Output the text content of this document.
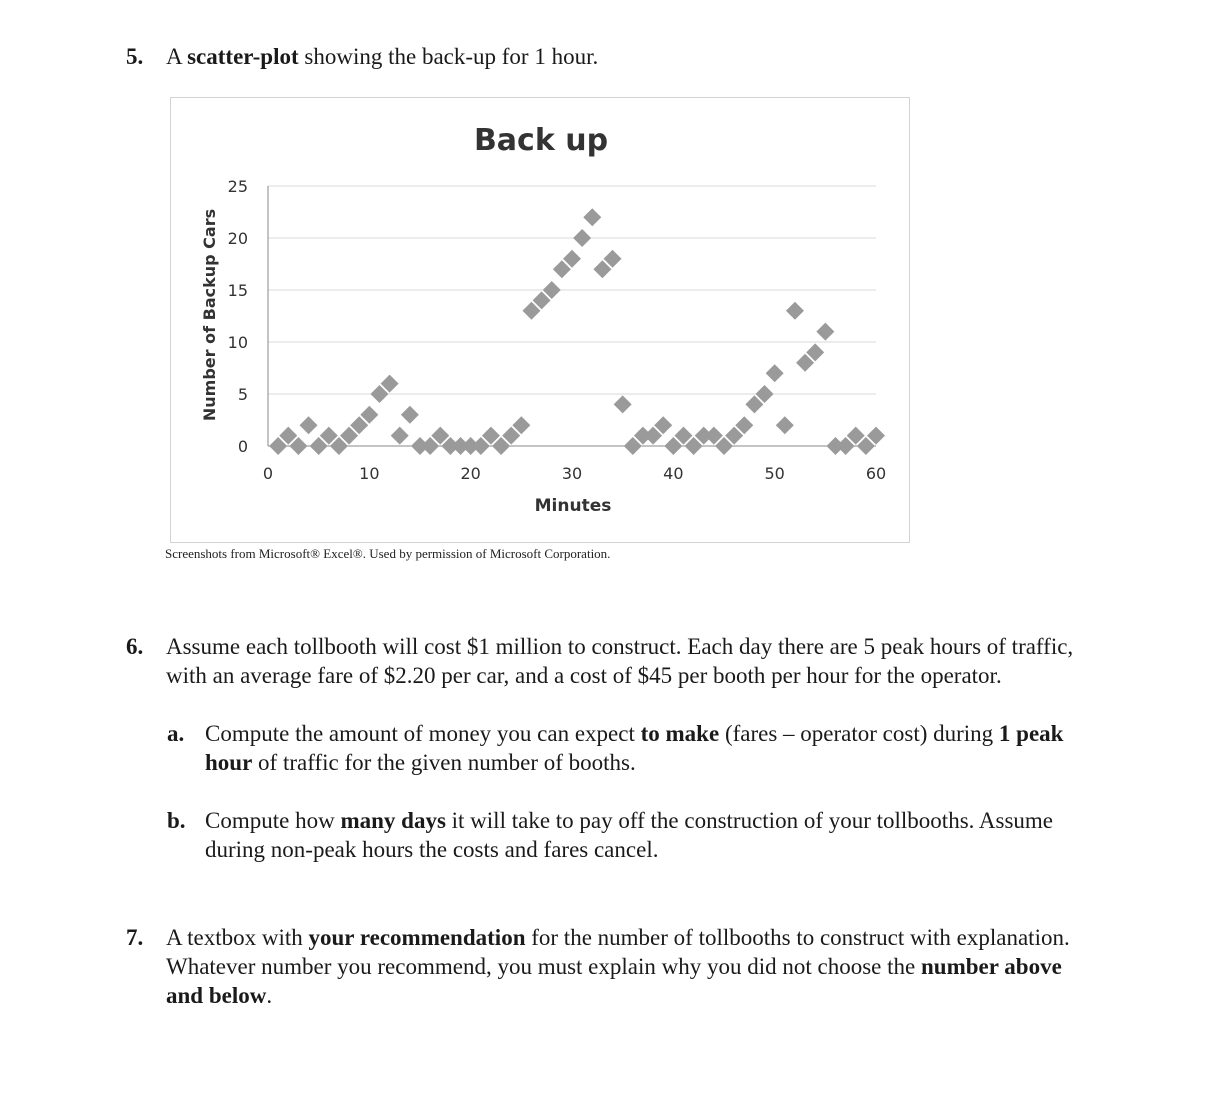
5. A scatter-plot showing the back-up for 1 hour.
0
5
10
15
20
25
0	10	20	30	40	50	60
Back up
Minutes
Number of Backup Cars
Screenshots from Microsoft® Excel®. Used by permission of Microsoft Corporation.
6. Assume each tollbooth will cost $1 million to construct. Each day there are 5 peak hours of traffic, with an average fare of $2.20 per car, and a cost of $45 per booth per hour for the operator.
a. Compute the amount of money you can expect to make (fares – operator cost) during 1 peak hour of traffic for the given number of booths.
b. Compute how many days it will take to pay off the construction of your tollbooths. Assume during non-peak hours the costs and fares cancel.
7. A textbox with your recommendation for the number of tollbooths to construct with explanation. Whatever number you recommend, you must explain why you did not choose the number above and below.
